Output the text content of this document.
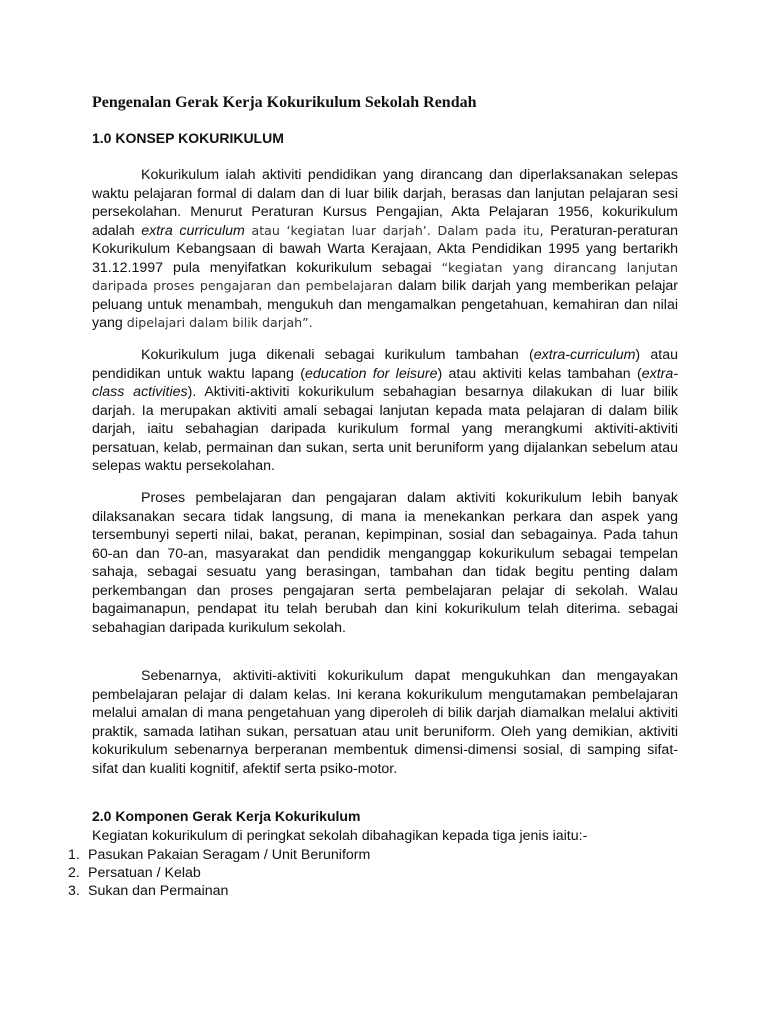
Pengenalan Gerak Kerja Kokurikulum Sekolah Rendah
1.0 KONSEP KOKURIKULUM

Kokurikulum ialah aktiviti pendidikan yang dirancang dan diperlaksanakan selepas waktu pelajaran formal di dalam dan di luar bilik darjah, berasas dan lanjutan pelajaran sesi persekolahan. Menurut Peraturan Kursus Pengajian, Akta Pelajaran 1956, kokurikulum adalah extra curriculum atau ‘kegiatan luar darjah’. Dalam pada itu, Peraturan-peraturan Kokurikulum Kebangsaan di bawah Warta Kerajaan, Akta Pendidikan 1995 yang bertarikh 31.12.1997 pula menyifatkan kokurikulum sebagai “kegiatan yang dirancang lanjutan daripada proses pengajaran dan pembelajaran dalam bilik darjah yang memberikan pelajar peluang untuk menambah, mengukuh dan mengamalkan pengetahuan, kemahiran dan nilai yang dipelajari dalam bilik darjah”.

Kokurikulum juga dikenali sebagai kurikulum tambahan (extra-curriculum) atau pendidikan untuk waktu lapang (education for leisure) atau aktiviti kelas tambahan (extra-class activities). Aktiviti-aktiviti kokurikulum sebahagian besarnya dilakukan di luar bilik darjah. Ia merupakan aktiviti amali sebagai lanjutan kepada mata pelajaran di dalam bilik darjah, iaitu sebahagian daripada kurikulum formal yang merangkumi aktiviti-aktiviti persatuan, kelab, permainan dan sukan, serta unit beruniform yang dijalankan sebelum atau selepas waktu persekolahan.

Proses pembelajaran dan pengajaran dalam aktiviti kokurikulum lebih banyak dilaksanakan secara tidak langsung, di mana ia menekankan perkara dan aspek yang tersembunyi seperti nilai, bakat, peranan, kepimpinan, sosial dan sebagainya. Pada tahun 60-an dan 70-an, masyarakat dan pendidik menganggap kokurikulum sebagai tempelan sahaja, sebagai sesuatu yang berasingan, tambahan dan tidak begitu penting dalam perkembangan dan proses pengajaran serta pembelajaran pelajar di sekolah. Walau bagaimanapun, pendapat itu telah berubah dan kini kokurikulum telah diterima. sebagai sebahagian daripada kurikulum sekolah.

Sebenarnya, aktiviti-aktiviti kokurikulum dapat mengukuhkan dan mengayakan pembelajaran pelajar di dalam kelas. Ini kerana kokurikulum mengutamakan pembelajaran melalui amalan di mana pengetahuan yang diperoleh di bilik darjah diamalkan melalui aktiviti praktik, samada latihan sukan, persatuan atau unit beruniform. Oleh yang demikian, aktiviti kokurikulum sebenarnya berperanan membentuk dimensi-dimensi sosial, di samping sifat-sifat dan kualiti kognitif, afektif serta psiko-motor.

2.0 Komponen Gerak Kerja Kokurikulum

Kegiatan kokurikulum di peringkat sekolah dibahagikan kepada tiga jenis iaitu:-

1. Pasukan Pakaian Seragam / Unit Beruniform
2. Persatuan / Kelab
3. Sukan dan Permainan
